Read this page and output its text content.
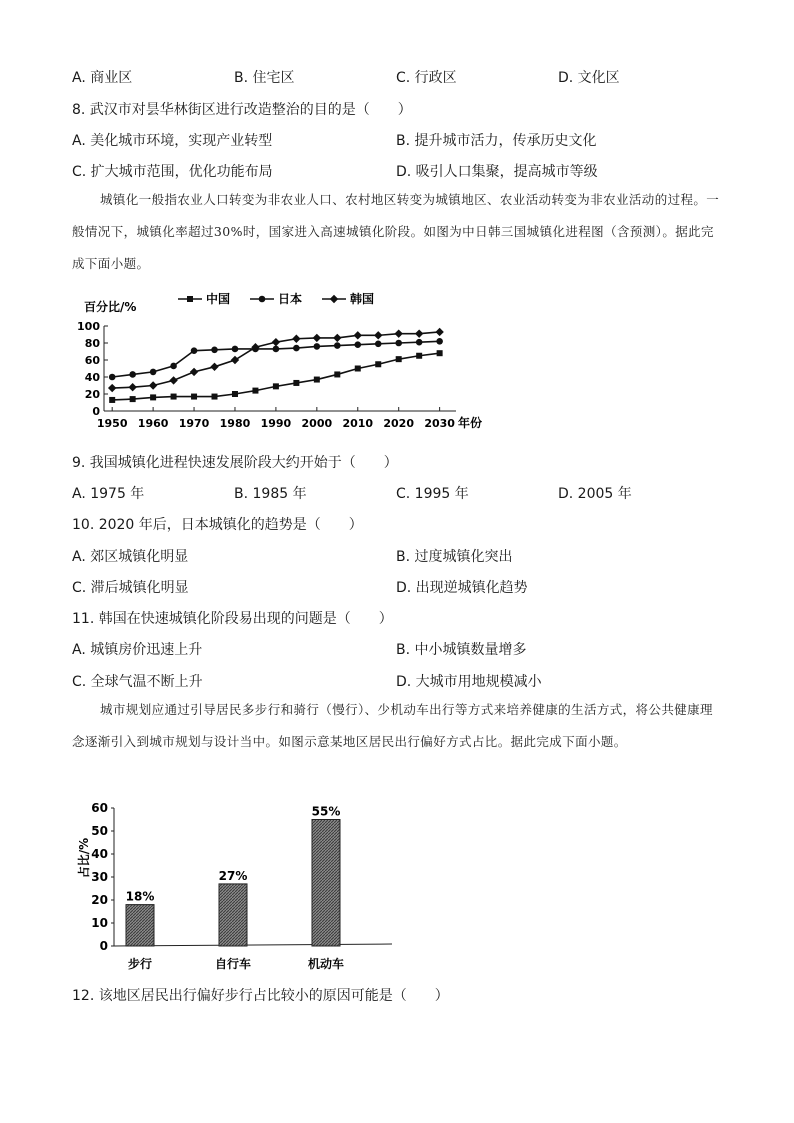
A. 商业区	B. 住宅区	C. 行政区	D. 文化区
8. 武汉市对昙华林街区进行改造整治的目的是（　　）
A. 美化城市环境，实现产业转型	B. 提升城市活力，传承历史文化
C. 扩大城市范围，优化功能布局	D. 吸引人口集聚，提高城市等级
城镇化一般指农业人口转变为非农业人口、农村地区转变为城镇地区、农业活动转变为非农业活动的过程。一般情况下，城镇化率超过30%时，国家进入高速城镇化阶段。如图为中日韩三国城镇化进程图（含预测）。据此完成下面小题。
百分比/%
中国	日本	韩国
0
20
40
60
80
100
1950 1960 1970 1980 1990 2000 2010 2020 2030 年份
9. 我国城镇化进程快速发展阶段大约开始于（　　）
A. 1975 年	B. 1985 年	C. 1995 年	D. 2005 年
10. 2020 年后，日本城镇化的趋势是（　　）
A. 郊区城镇化明显	B. 过度城镇化突出
C. 滞后城镇化明显	D. 出现逆城镇化趋势
11. 韩国在快速城镇化阶段易出现的问题是（　　）
A. 城镇房价迅速上升	B. 中小城镇数量增多
C. 全球气温不断上升	D. 大城市用地规模减小
城市规划应通过引导居民多步行和骑行（慢行）、少机动车出行等方式来培养健康的生活方式，将公共健康理念逐渐引入到城市规划与设计当中。如图示意某地区居民出行偏好方式占比。据此完成下面小题。
占比/%
0
10
20
30
40
50
60
18%
步行
27%
自行车
55%
机动车
12. 该地区居民出行偏好步行占比较小的原因可能是（　　）
